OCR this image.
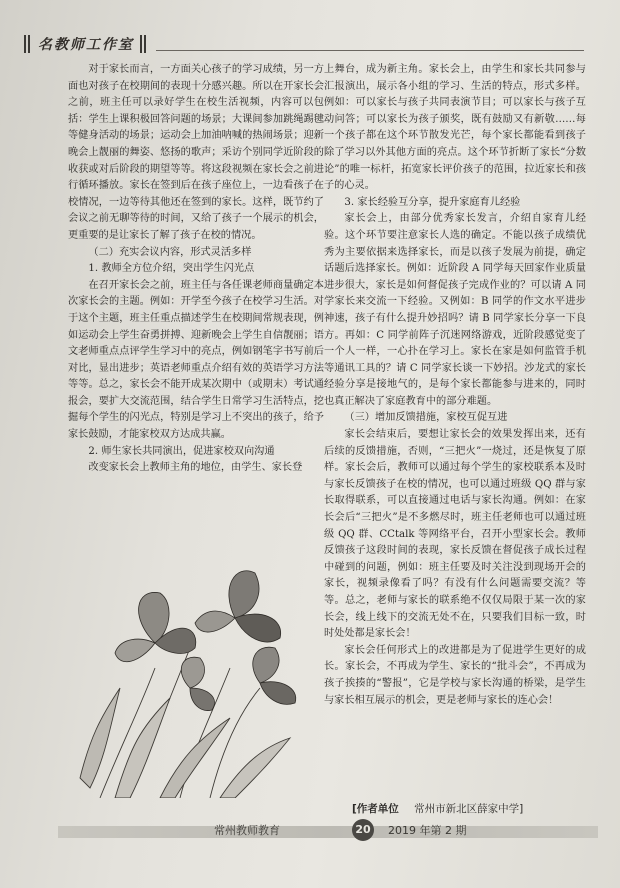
名教师工作室

对于家长而言，一方面关心孩子的学习成绩，另一方面也对孩子在校期间的表现十分感兴趣。所以在开家长会之前，班主任可以录好学生在校生活视频，内容可以包括：学生上课积极回答问题的场景；大课间参加跳绳踢毽等健身活动的场景；运动会上加油呐喊的热闹场景；迎新晚会上靓丽的舞姿、悠扬的歌声；采访个别同学近阶段的收获或对后阶段的期望等等。将这段视频在家长会之前进行循环播放。家长在签到后在孩子座位上，一边看孩子在校情况，一边等待其他还在签到的家长。这样，既节约了会议之前无聊等待的时间，又给了孩子一个展示的机会，更重要的是让家长了解了孩子在校的情况。

（二）充实会议内容，形式灵活多样

1. 教师全方位介绍，突出学生闪光点

在召开家长会之前，班主任与各任课老师商量确定本次家长会的主题。例如：开学至今孩子在校学习生活。对于这个主题，班主任重点描述学生在校期间常规表现，例如运动会上学生奋勇拼搏、迎新晚会上学生自信靓丽；语文老师重点点评学生学习中的亮点，例如钢笔字书写前后对比，显出进步；英语老师重点介绍有效的英语学习方法等等。总之，家长会不能开成某次期中（或期末）考试通报会，要扩大交流范围，结合学生日常学习生活特点，挖掘每个学生的闪光点，特别是学习上不突出的孩子，给予家长鼓励，才能家校双方达成共赢。

2. 师生家长共同演出，促进家校双向沟通

改变家长会上教师主角的地位，由学生、家长登

上舞台，成为新主角。家长会上，由学生和家长共同参与汇报演出，展示各小组的学习、生活的特点，形式多样。例如：可以家长与孩子共同表演节目；可以家长与孩子互动问答；可以家长为孩子颁奖，既有鼓励又有新敬……每一个孩子都在这个环节散发光芒，每个家长都能看到孩子除了学习以外其他方面的亮点。这个环节折断了家长“分数论”的唯一标杆，拓宽家长评价孩子的范围，拉近家长和孩子的心灵。

3. 家长经验互分享，提升家庭育儿经验

家长会上，由部分优秀家长发言，介绍自家育儿经验。这个环节要注意家长人选的确定。不能以孩子成绩优秀为主要依据来选择家长，而是以孩子发展为前提，确定话题后选择家长。例如：近阶段 A 同学每天回家作业质量进步很大，家长是如何督促孩子完成作业的？可以请 A 同学家长来交流一下经验。又例如：B 同学的作文水平进步神速，孩子有什么提升妙招吗？请 B 同学家长分享一下良方。再如：C 同学前阵子沉迷网络游戏，近阶段感觉变了一个人一样，一心扑在学习上。家长在家是如何监管手机等通讯工具的？请 C 同学家长谈一下妙招。沙龙式的家长经验分享是接地气的，是每个家长都能参与进来的，同时也真正解决了家庭教育中的部分难题。

（三）增加反馈措施，家校互促互进

家长会结束后，要想让家长会的效果发挥出来，还有后续的反馈措施，否则，“三把火”一烧过，还是恢复了原样。家长会后，教师可以通过每个学生的家校联系本及时与家长反馈孩子在校的情况，也可以通过班级 QQ 群与家长取得联系，可以直接通过电话与家长沟通。例如：在家长会后“三把火”是不多燃尽时，班主任老师也可以通过班级 QQ 群、CCtalk 等网络平台，召开小型家长会。教师反馈孩子这段时间的表现，家长反馈在督促孩子成长过程中碰到的问题，例如：班主任要及时关注没到现场开会的家长，视频录像看了吗？有没有什么问题需要交流？等等。总之，老师与家长的联系绝不仅仅局限于某一次的家长会，线上线下的交流无处不在，只要我们目标一致，时时处处都是家长会！

家长会任何形式上的改进都是为了促进学生更好的成长。家长会，不再成为学生、家长的“批斗会”，不再成为孩子挨揍的“警报”，它是学校与家长沟通的桥梁，是学生与家长相互展示的机会，更是老师与家长的连心会！

[作者单位 常州市新北区薛家中学]
常州教师教育	20	2019 年第 2 期
